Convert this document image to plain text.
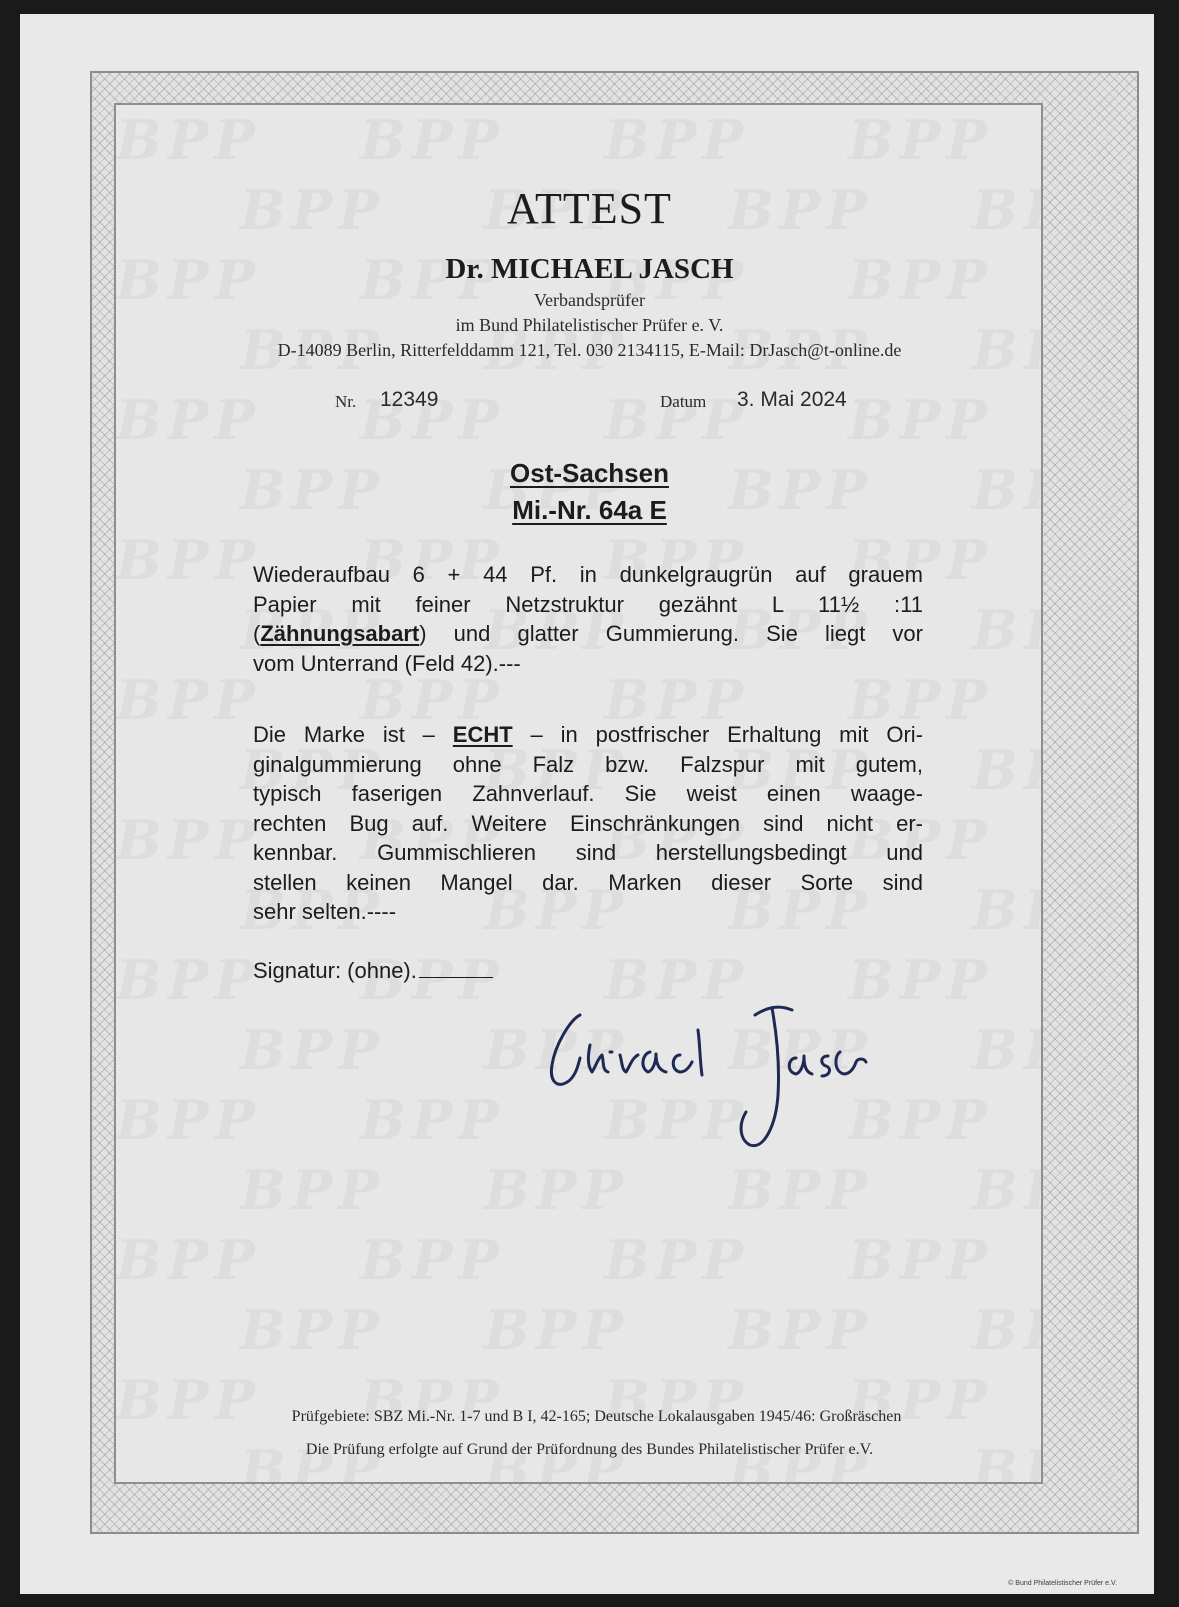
ATTEST
Dr. MICHAEL JASCH
Verbandsprüfer
im Bund Philatelistischer Prüfer e. V.
D-14089 Berlin, Ritterfelddamm 121, Tel. 030 2134115, E-Mail: DrJasch@t-online.de
Nr. 12349	Datum 3. Mai 2024
Ost-Sachsen
Mi.-Nr. 64a E
Wiederaufbau 6 + 44 Pf. in dunkelgraugrün auf grauem
Papier mit feiner Netzstruktur gezähnt L 11½ :11
(Zähnungsabart) und glatter Gummierung. Sie liegt vor
vom Unterrand (Feld 42).---
Die Marke ist – ECHT – in postfrischer Erhaltung mit Ori-
ginalgummierung ohne Falz bzw. Falzspur mit gutem,
typisch faserigen Zahnverlauf. Sie weist einen waage-
rechten Bug auf. Weitere Einschränkungen sind nicht er-
kennbar. Gummischlieren sind herstellungsbedingt und
stellen keinen Mangel dar. Marken dieser Sorte sind
sehr selten.----
Signatur: (ohne).
Prüfgebiete: SBZ Mi.-Nr. 1-7 und B I, 42-165; Deutsche Lokalausgaben 1945/46: Großräschen
Die Prüfung erfolgte auf Grund der Prüfordnung des Bundes Philatelistischer Prüfer e.V.
© Bund Philatelistischer Prüfer e.V.
